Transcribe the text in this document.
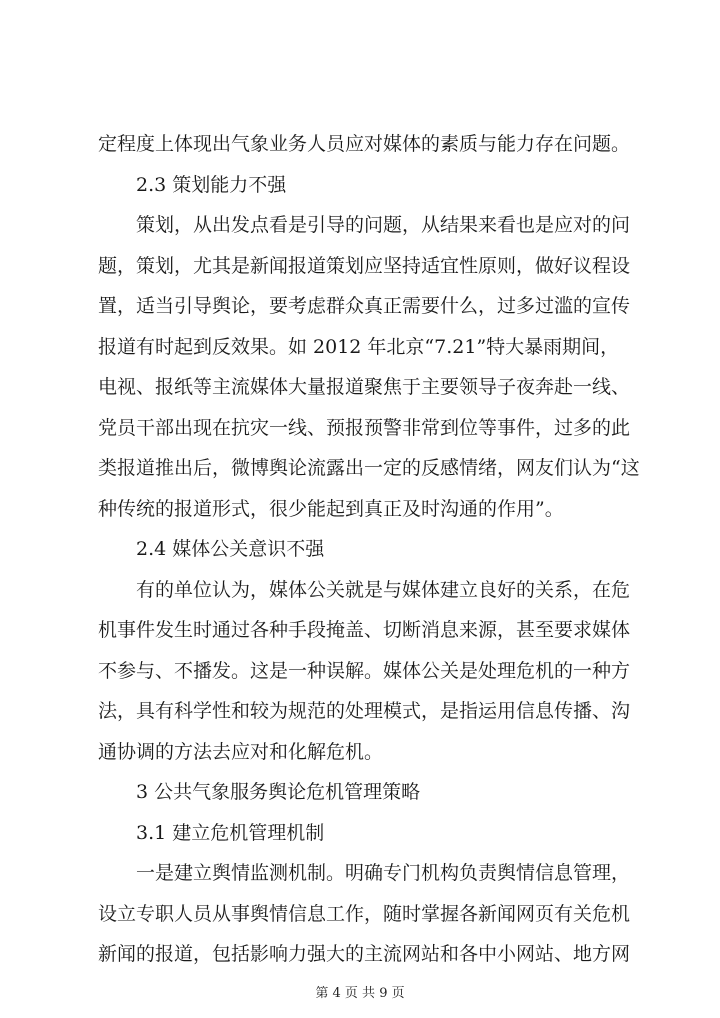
定程度上体现出气象业务人员应对媒体的素质与能力存在问题。
2.3 策划能力不强
策划，从出发点看是引导的问题，从结果来看也是应对的问
题，策划，尤其是新闻报道策划应坚持适宜性原则，做好议程设
置，适当引导舆论，要考虑群众真正需要什么，过多过滥的宣传
报道有时起到反效果。如 2012 年北京“7.21”特大暴雨期间，
电视、报纸等主流媒体大量报道聚焦于主要领导子夜奔赴一线、
党员干部出现在抗灾一线、预报预警非常到位等事件，过多的此
类报道推出后，微博舆论流露出一定的反感情绪，网友们认为“这
种传统的报道形式，很少能起到真正及时沟通的作用”。
2.4 媒体公关意识不强
有的单位认为，媒体公关就是与媒体建立良好的关系，在危
机事件发生时通过各种手段掩盖、切断消息来源，甚至要求媒体
不参与、不播发。这是一种误解。媒体公关是处理危机的一种方
法，具有科学性和较为规范的处理模式，是指运用信息传播、沟
通协调的方法去应对和化解危机。
3 公共气象服务舆论危机管理策略
3.1 建立危机管理机制
一是建立舆情监测机制。明确专门机构负责舆情信息管理，
设立专职人员从事舆情信息工作，随时掌握各新闻网页有关危机
新闻的报道，包括影响力强大的主流网站和各中小网站、地方网
第 4 页 共 9 页
